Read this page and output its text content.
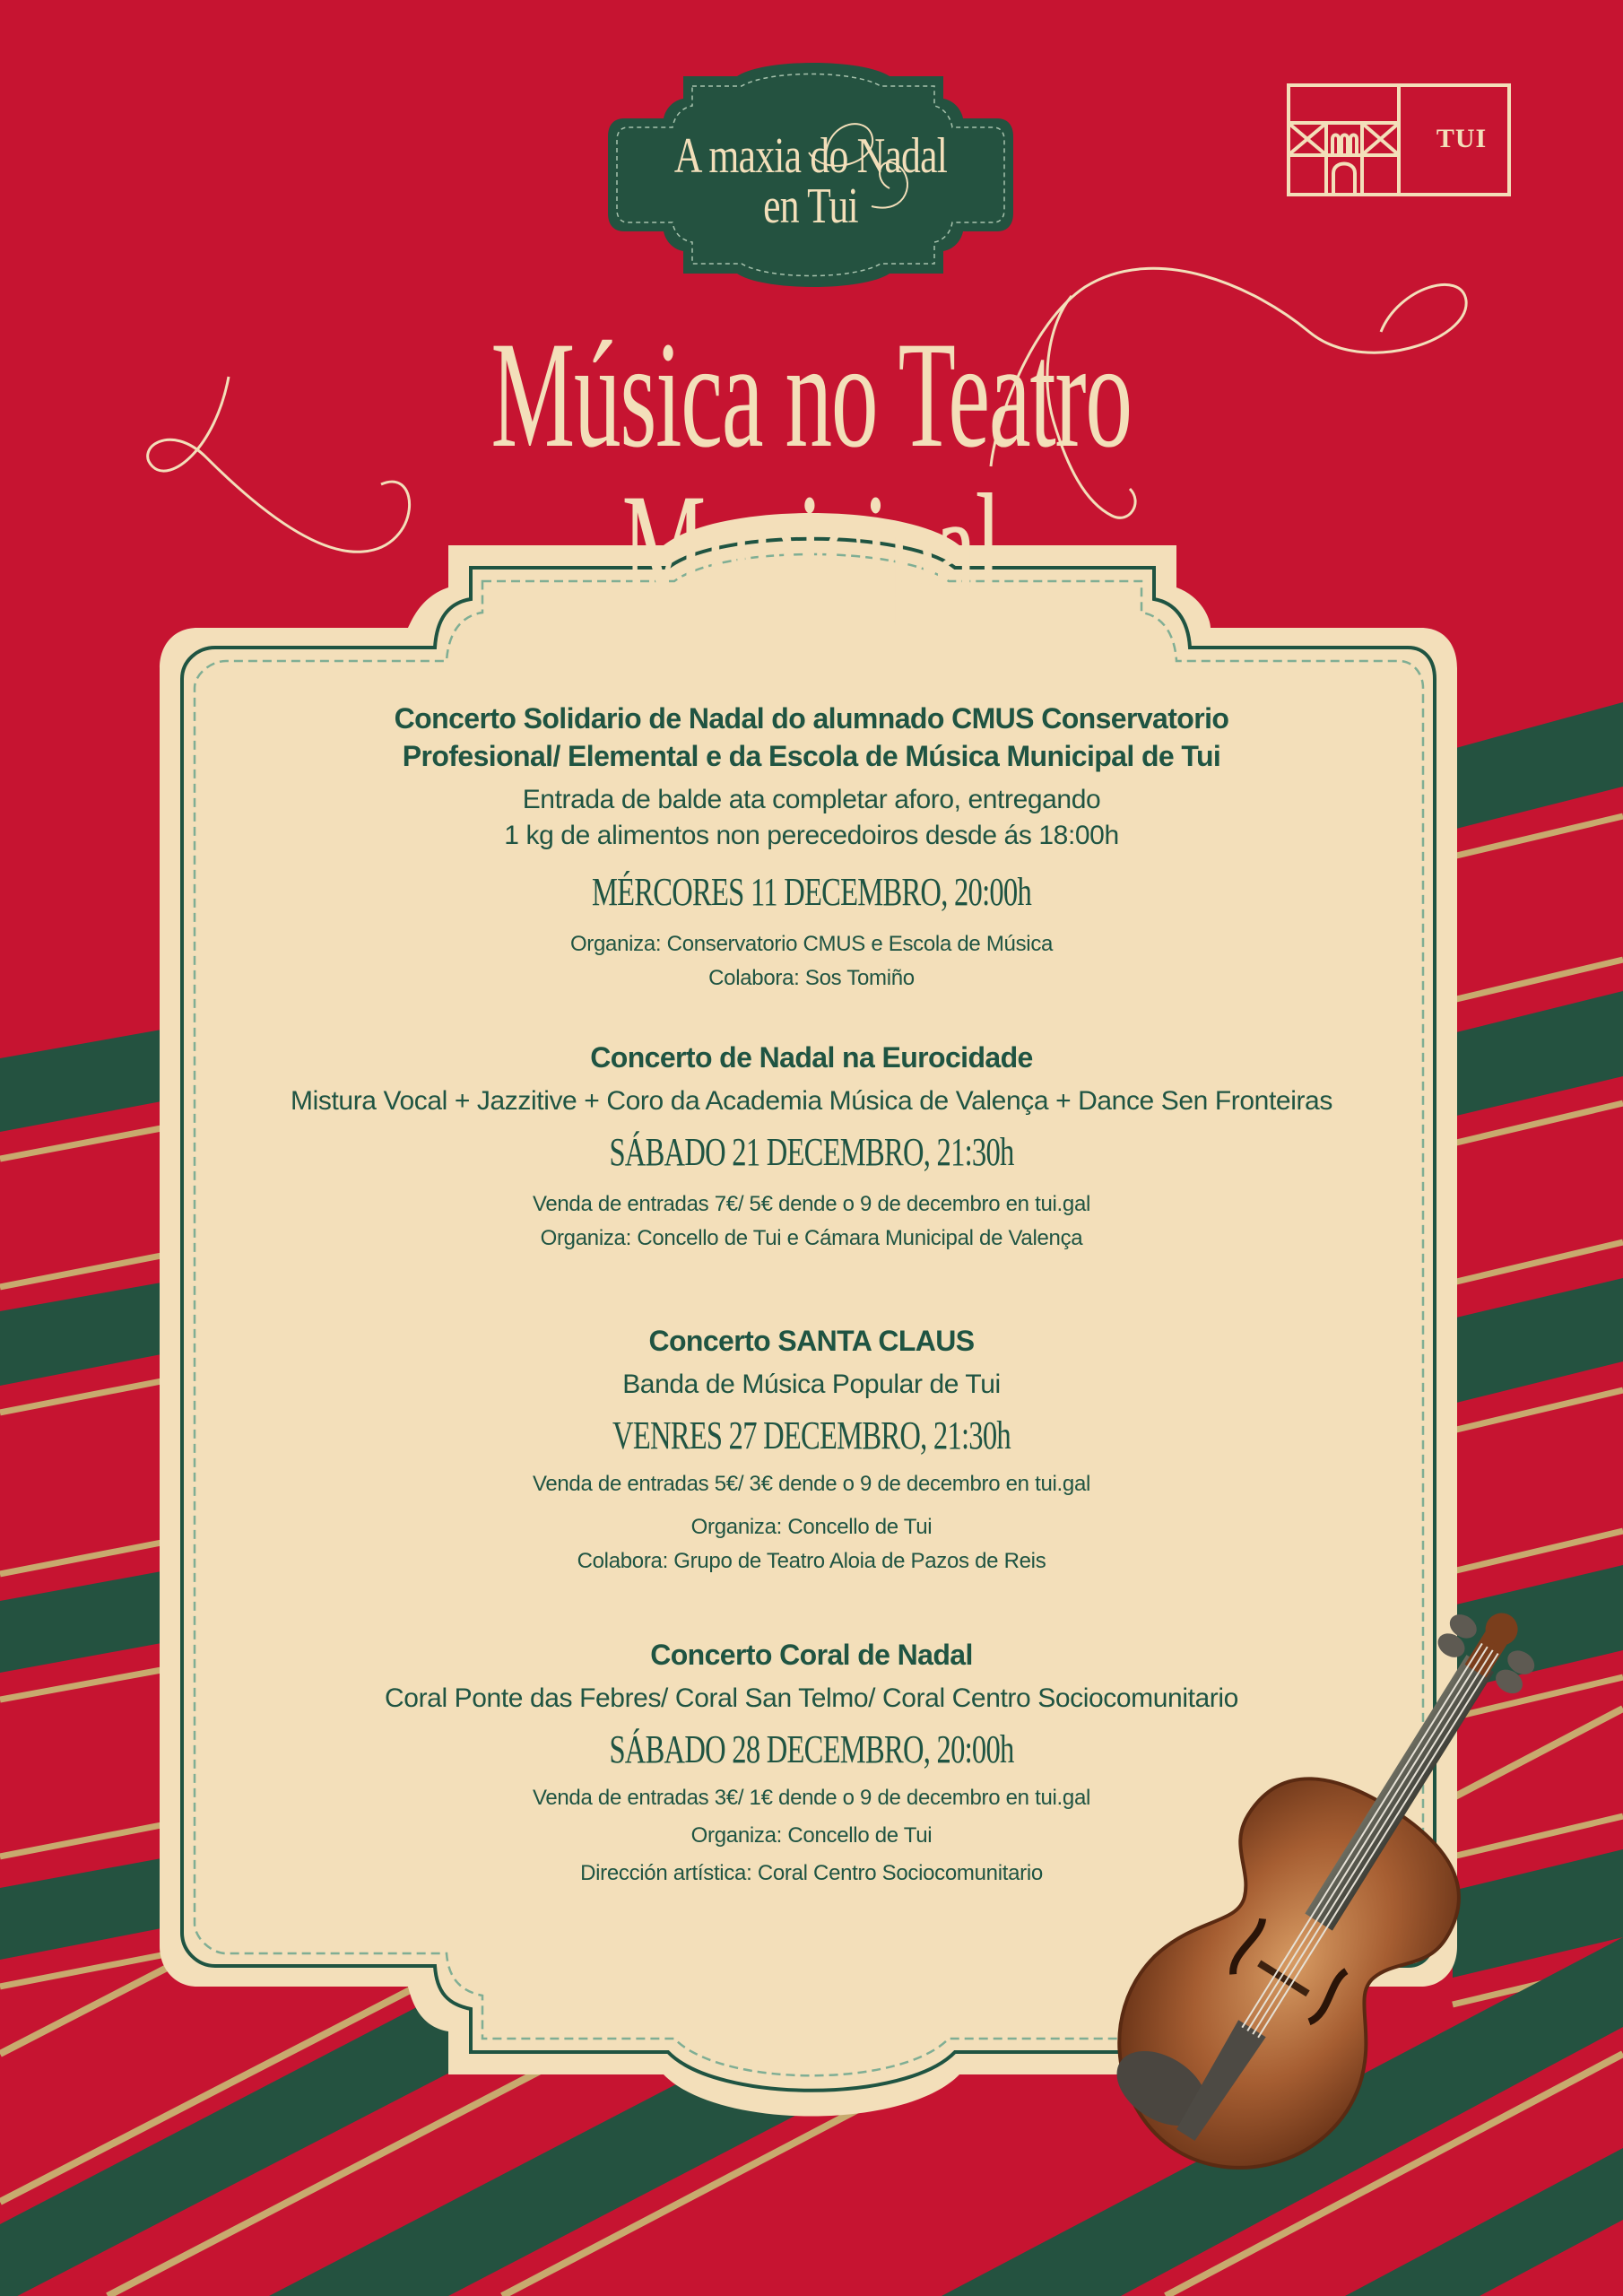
A maxia do Nadal
en Tui
TUI
Música no Teatro Municipal
Concerto Solidario de Nadal do alumnado CMUS Conservatorio
Profesional/ Elemental e da Escola de Música Municipal de Tui
Entrada de balde ata completar aforo, entregando
1 kg de alimentos non perecedoiros desde ás 18:00h
MÉRCORES 11 DECEMBRO, 20:00h
Organiza: Conservatorio CMUS e Escola de Música
Colabora: Sos Tomiño
Concerto de Nadal na Eurocidade
Mistura Vocal + Jazzitive + Coro da Academia Música de Valença + Dance Sen Fronteiras
SÁBADO 21 DECEMBRO, 21:30h
Venda de entradas 7€/ 5€ dende o 9 de decembro en tui.gal
Organiza: Concello de Tui e Cámara Municipal de Valença
Concerto SANTA CLAUS
Banda de Música Popular de Tui
VENRES 27 DECEMBRO, 21:30h
Venda de entradas 5€/ 3€ dende o 9 de decembro en tui.gal
Organiza: Concello de Tui
Colabora: Grupo de Teatro Aloia de Pazos de Reis
Concerto Coral de Nadal
Coral Ponte das Febres/ Coral San Telmo/ Coral Centro Sociocomunitario
SÁBADO 28 DECEMBRO, 20:00h
Venda de entradas 3€/ 1€ dende o 9 de decembro en tui.gal
Organiza: Concello de Tui
Dirección artística: Coral Centro Sociocomunitario
